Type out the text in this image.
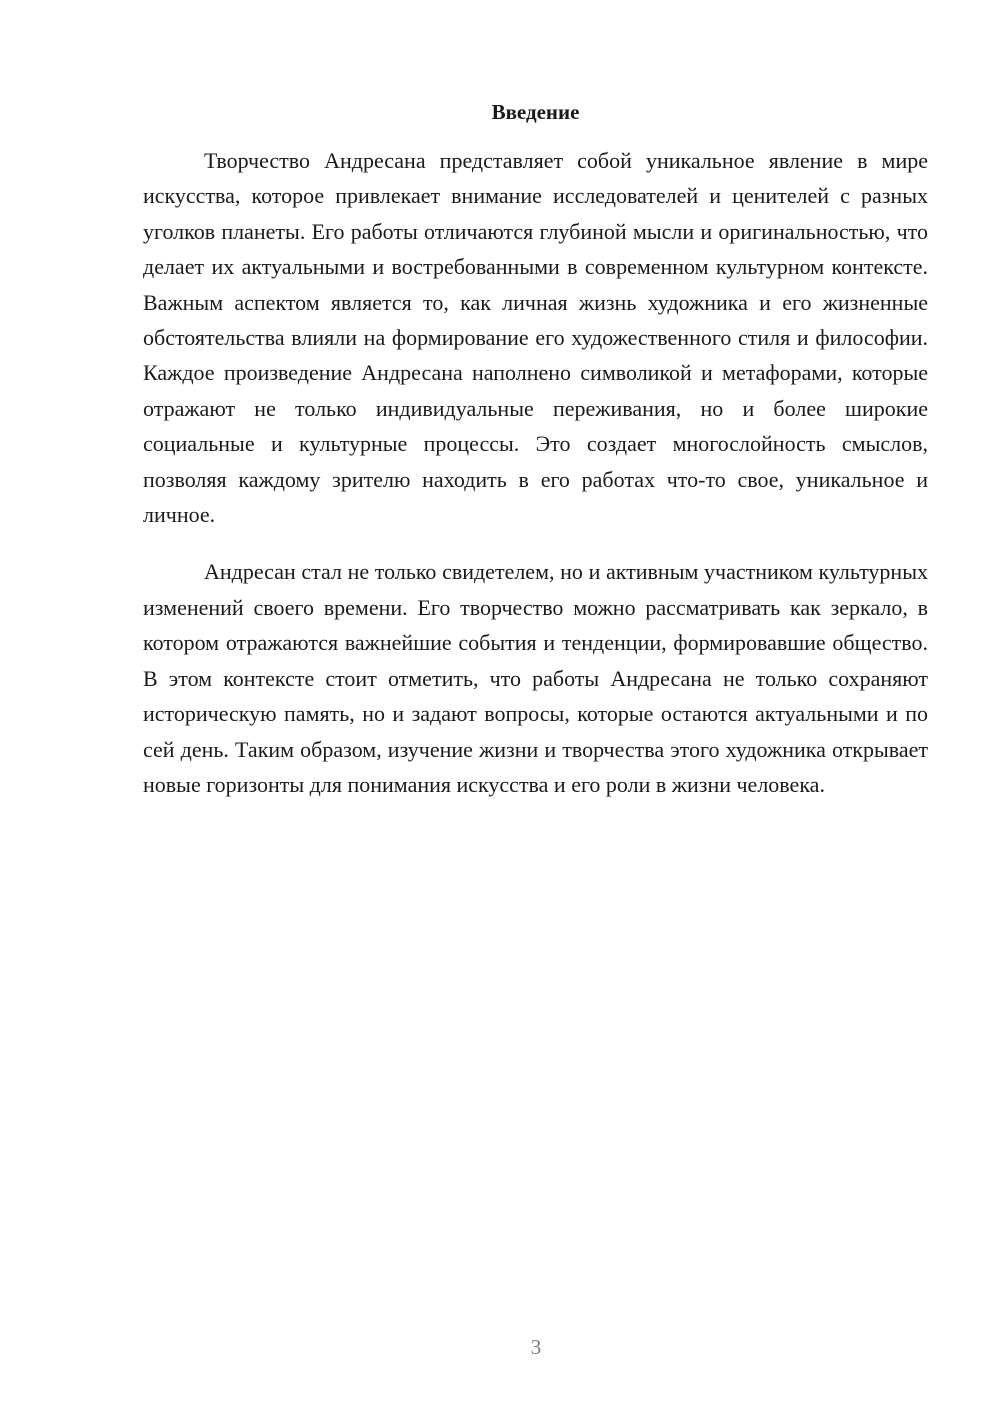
Введение

Творчество Андресана представляет собой уникальное явление в мире искусства, которое привлекает внимание исследователей и ценителей с разных уголков планеты. Его работы отличаются глубиной мысли и оригинальностью, что делает их актуальными и востребованными в современном культурном контексте. Важным аспектом является то, как личная жизнь художника и его жизненные обстоятельства влияли на формирование его художественного стиля и философии. Каждое произведение Андресана наполнено символикой и метафорами, которые отражают не только индивидуальные переживания, но и более широкие социальные и культурные процессы. Это создает многослойность смыслов, позволяя каждому зрителю находить в его работах что-то свое, уникальное и личное.

Андресан стал не только свидетелем, но и активным участником культурных изменений своего времени. Его творчество можно рассматривать как зеркало, в котором отражаются важнейшие события и тенденции, формировавшие общество. В этом контексте стоит отметить, что работы Андресана не только сохраняют историческую память, но и задают вопросы, которые остаются актуальными и по сей день. Таким образом, изучение жизни и творчества этого художника открывает новые горизонты для понимания искусства и его роли в жизни человека.

3
